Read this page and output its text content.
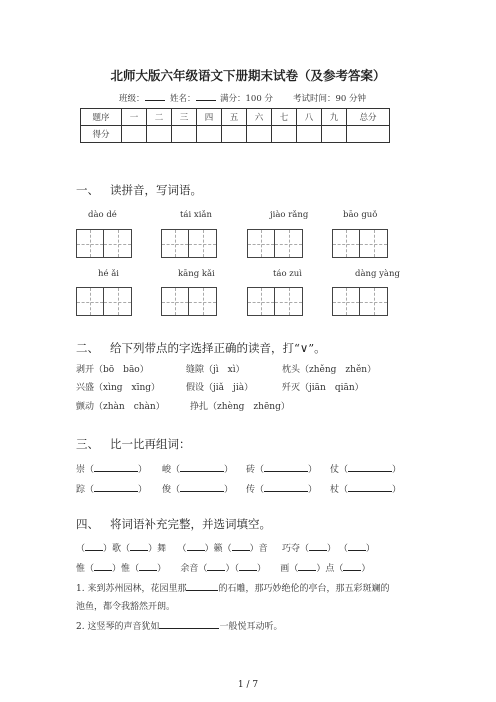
北师大版六年级语文下册期末试卷（及参考答案）
班级：	姓名：	满分：100 分 考试时间：90 分钟
题序	一	二	三	四	五	六	七	八	九	总分
得分										
一、 读拼音，写词语。
dào dé	tái xiǎn	jiào rǎng	bāo guǒ
hé ǎi	kāng kǎi	táo zuì	dàng yàng
二、 给下列带点的字选择正确的读音，打“∨”。
剥开（bō　bāo）	缝隙（jì　xì）	枕头（zhěng　zhěn）
兴盛（xìng　xīng）	假设（jiǎ　jià）	歼灭（jiān　qiān）
颤动（zhàn　chàn）	挣扎（zhèng　zhēng）
三、 比一比再组词：
崇（	） 峻（	） 砖（	） 仗（	）
踪（	） 俊（	） 传（	） 杖（	）
四、 将词语补充完整，并选词填空。
（ ）歌（ ）舞 （ ）籁（ ）音 巧夺（ ） （ ）
惟（ ）惟（ ） 余音（ ）（ ） 画（ ）点（ ）
1. 来到苏州园林，花园里那	的石雕，那巧妙绝伦的亭台，那五彩斑斓的
池鱼，都令我豁然开朗。
2. 这竖琴的声音犹如	一般悦耳动听。
1 / 7
